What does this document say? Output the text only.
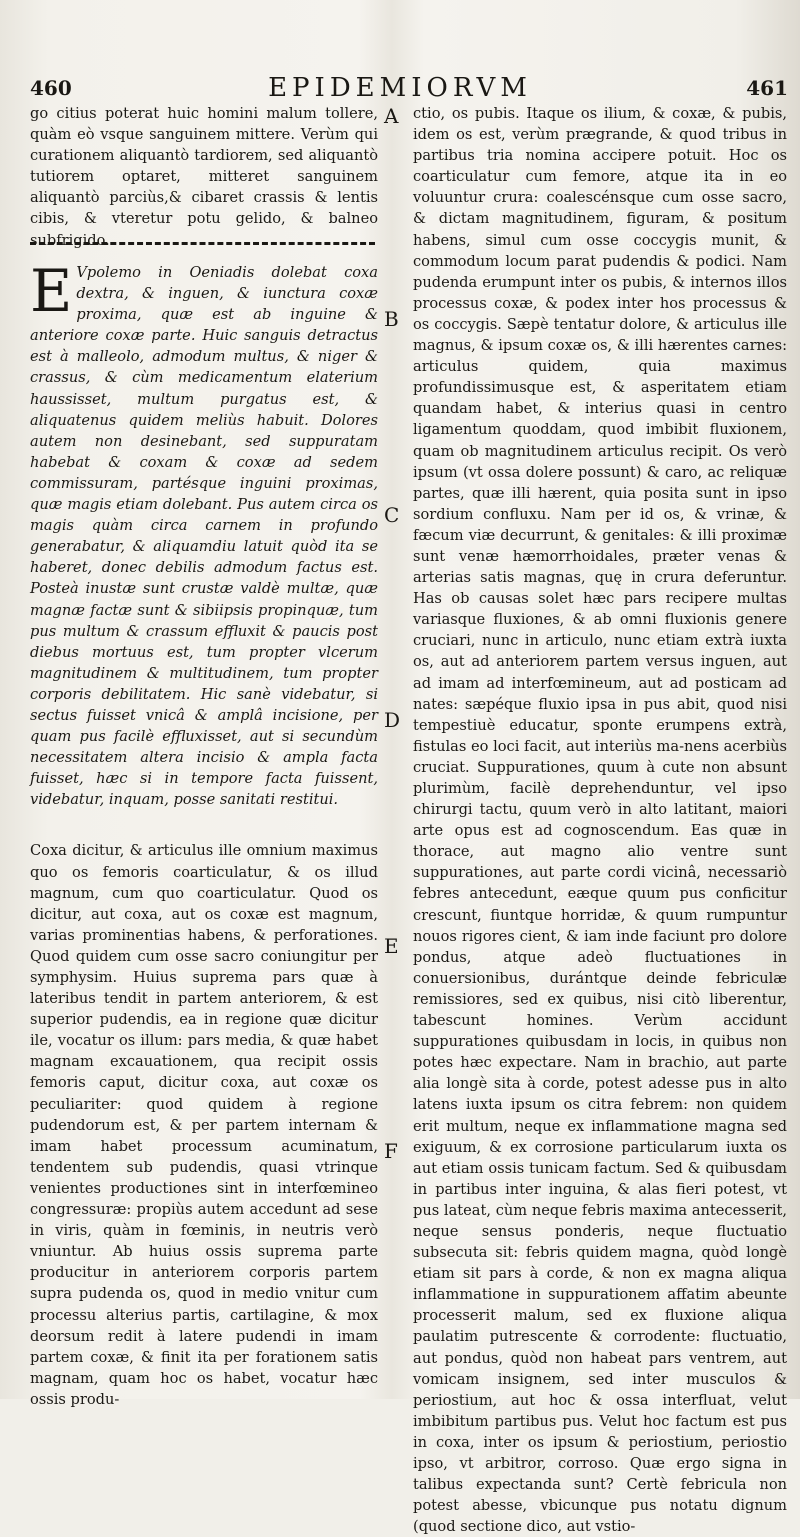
460	EPIDEMIORVM	461

go citius poterat huic homini malum tollere, quàm eò vsque sanguinem mittere. Verùm qui curationem aliquantò tardiorem, sed aliquantò tutiorem optaret, mitteret sanguinem aliquantò parciùs,& cibaret crassis & lentis cibis, & vteretur potu gelido, & balneo subfrigido.

E Vpolemo in Oeniadis dolebat coxa dextra, & inguen, & iunctura coxæ proxima, quæ est ab inguine & anteriore coxæ parte. Huic sanguis detractus est à malleolo, admodum multus, & niger & crassus, & cùm medicamentum elaterium haussisset, multum purgatus est, & aliquatenus quidem meliùs habuit. Dolores autem non desinebant, sed suppuratam habebat & coxam & coxæ ad sedem commissuram, partésque inguini proximas, quæ magis etiam dolebant. Pus autem circa os magis quàm circa carnem in profundo generabatur, & aliquamdiu latuit quòd ita se haberet, donec debilis admodum factus est. Posteà inustæ sunt crustæ valdè multæ, quæ magnæ factæ sunt & sibiipsis propinquæ, tum pus multum & crassum effluxit & paucis post diebus mortuus est, tum propter vlcerum magnitudinem & multitudinem, tum propter corporis debilitatem. Hic sanè videbatur, si sectus fuisset vnicâ & amplâ incisione, per quam pus facilè effluxisset, aut si secundùm necessitatem altera incisio & ampla facta fuisset, hæc si in tempore facta fuissent, videbatur, inquam, posse sanitati restitui.

Coxa dicitur, & articulus ille omnium maximus quo os femoris coarticulatur, & os illud magnum, cum quo coarticulatur. Quod os dicitur, aut coxa, aut os coxæ est magnum, varias prominentias habens, & perforationes. Quod quidem cum osse sacro coniungitur per symphysim. Huius suprema pars quæ à lateribus tendit in partem anteriorem, & est superior pudendis, ea in regione quæ dicitur ile, vocatur os illum: pars media, & quæ habet magnam excauationem, qua recipit ossis femoris caput, dicitur coxa, aut coxæ os peculiariter: quod quidem à regione pudendorum est, & per partem internam & imam habet processum acuminatum, tendentem sub pudendis, quasi vtrinque venientes productiones sint in interfœmineo congressuræ: propiùs autem accedunt ad sese in viris, quàm in fœminis, in neutris verò vniuntur. Ab huius ossis suprema parte producitur in anteriorem corporis partem supra pudenda os, quod in medio vnitur cum processu alterius partis, cartilagine, & mox deorsum redit à latere pudendi in imam partem coxæ, & finit ita per forationem satis magnam, quam hoc os habet, vocatur hæc ossis produ-

A
B
C
D
E
F

ctio, os pubis. Itaque os ilium, & coxæ, & pubis, idem os est, verùm prægrande, & quod tribus in partibus tria nomina accipere potuit. Hoc os coarticulatur cum femore, atque ita in eo voluuntur crura: coalescénsque cum osse sacro, & dictam magnitudinem, figuram, & positum habens, simul cum osse coccygis munit, & commodum locum parat pudendis & podici. Nam pudenda erumpunt inter os pubis, & internos illos processus coxæ, & podex inter hos processus & os coccygis. Sæpè tentatur dolore, & articulus ille magnus, & ipsum coxæ os, & illi hærentes carnes: articulus quidem, quia maximus profundissimusque est, & asperitatem etiam quandam habet, & interius quasi in centro ligamentum quoddam, quod imbibit fluxionem, quam ob magnitudinem articulus recipit. Os verò ipsum (vt ossa dolere possunt) & caro, ac reliquæ partes, quæ illi hærent, quia posita sunt in ipso sordium confluxu. Nam per id os, & vrinæ, & fæcum viæ decurrunt, & genitales: & illi proximæ sunt venæ hæmorrhoidales, præter venas & arterias satis magnas, quę in crura deferuntur. Has ob causas solet hæc pars recipere multas variasque fluxiones, & ab omni fluxionis genere cruciari, nunc in articulo, nunc etiam extrà iuxta os, aut ad anteriorem partem versus inguen, aut ad imam ad interfœmineum, aut ad posticam ad nates: sæpéque fluxio ipsa in pus abit, quod nisi tempestiuè educatur, sponte erumpens extrà, fistulas eo loci facit, aut interiùs ma-nens acerbiùs cruciat. Suppurationes, quum à cute non absunt plurimùm, facilè deprehenduntur, vel ipso chirurgi tactu, quum verò in alto latitant, maiori arte opus est ad cognoscendum. Eas quæ in thorace, aut magno alio ventre sunt suppurationes, aut parte cordi vicinâ, necessariò febres antecedunt, eæque quum pus conficitur crescunt, fiuntque horridæ, & quum rumpuntur nouos rigores cient, & iam inde faciunt pro dolore pondus, atque adeò fluctuationes in conuersionibus, durántque deinde febriculæ remissiores, sed ex quibus, nisi citò liberentur, tabescunt homines. Verùm accidunt suppurationes quibusdam in locis, in quibus non potes hæc expectare. Nam in brachio, aut parte alia longè sita à corde, potest adesse pus in alto latens iuxta ipsum os citra febrem: non quidem erit multum, neque ex inflammatione magna sed exiguum, & ex corrosione particularum iuxta os aut etiam ossis tunicam factum. Sed & quibusdam in partibus inter inguina, & alas fieri potest, vt pus lateat, cùm neque febris maxima antecesserit, neque sensus ponderis, neque fluctuatio subsecuta sit: febris quidem magna, quòd longè etiam sit pars à corde, & non ex magna aliqua inflammatione in suppurationem affatim abeunte processerit malum, sed ex fluxione aliqua paulatim putrescente & corrodente: fluctuatio, aut pondus, quòd non habeat pars ventrem, aut vomicam insignem, sed inter musculos & periostium, aut hoc & ossa interfluat, velut imbibitum partibus pus. Velut hoc factum est pus in coxa, inter os ipsum & periostium, periostio ipso, vt arbitror, corroso. Quæ ergo signa in talibus expectanda sunt? Certè febricula non potest abesse, vbicunque pus notatu dignum (quod sectione dico, aut vstio-
